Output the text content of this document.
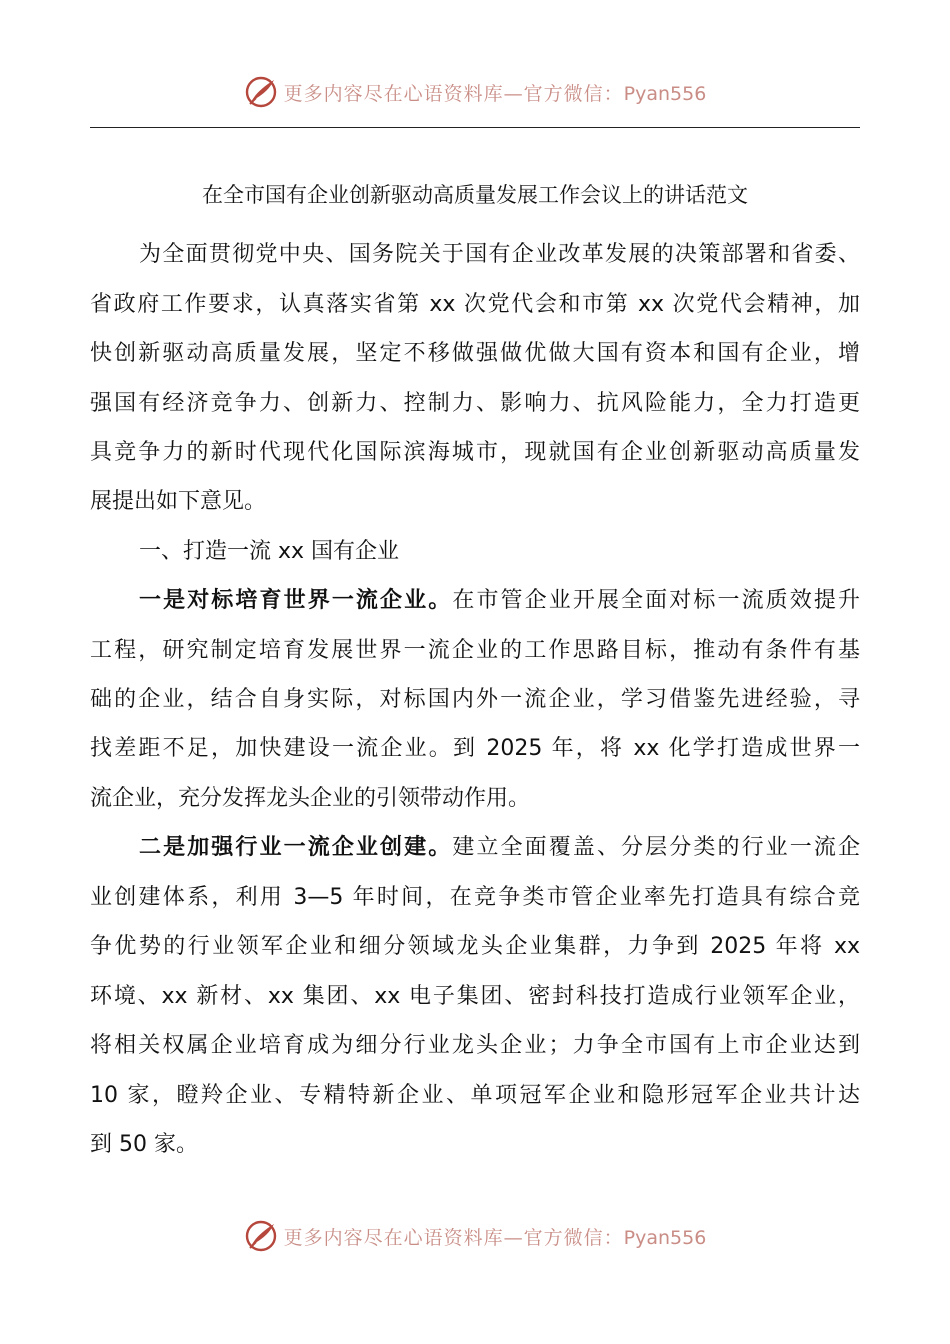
更多内容尽在心语资料库—官方微信：Pyan556
在全市国有企业创新驱动高质量发展工作会议上的讲话范文
为全面贯彻党中央、国务院关于国有企业改革发展的决策部署和省委、
省政府工作要求，认真落实省第 xx 次党代会和市第 xx 次党代会精神，加
快创新驱动高质量发展，坚定不移做强做优做大国有资本和国有企业，增
强国有经济竞争力、创新力、控制力、影响力、抗风险能力，全力打造更
具竞争力的新时代现代化国际滨海城市，现就国有企业创新驱动高质量发
展提出如下意见。
一、打造一流 xx 国有企业
一是对标培育世界一流企业。在市管企业开展全面对标一流质效提升
工程，研究制定培育发展世界一流企业的工作思路目标，推动有条件有基
础的企业，结合自身实际，对标国内外一流企业，学习借鉴先进经验，寻
找差距不足，加快建设一流企业。到 2025 年，将 xx 化学打造成世界一
流企业，充分发挥龙头企业的引领带动作用。
二是加强行业一流企业创建。建立全面覆盖、分层分类的行业一流企
业创建体系，利用 3—5 年时间，在竞争类市管企业率先打造具有综合竞
争优势的行业领军企业和细分领域龙头企业集群，力争到 2025 年将 xx
环境、xx 新材、xx 集团、xx 电子集团、密封科技打造成行业领军企业，
将相关权属企业培育成为细分行业龙头企业；力争全市国有上市企业达到
10 家，瞪羚企业、专精特新企业、单项冠军企业和隐形冠军企业共计达
到 50 家。
更多内容尽在心语资料库—官方微信：Pyan556
